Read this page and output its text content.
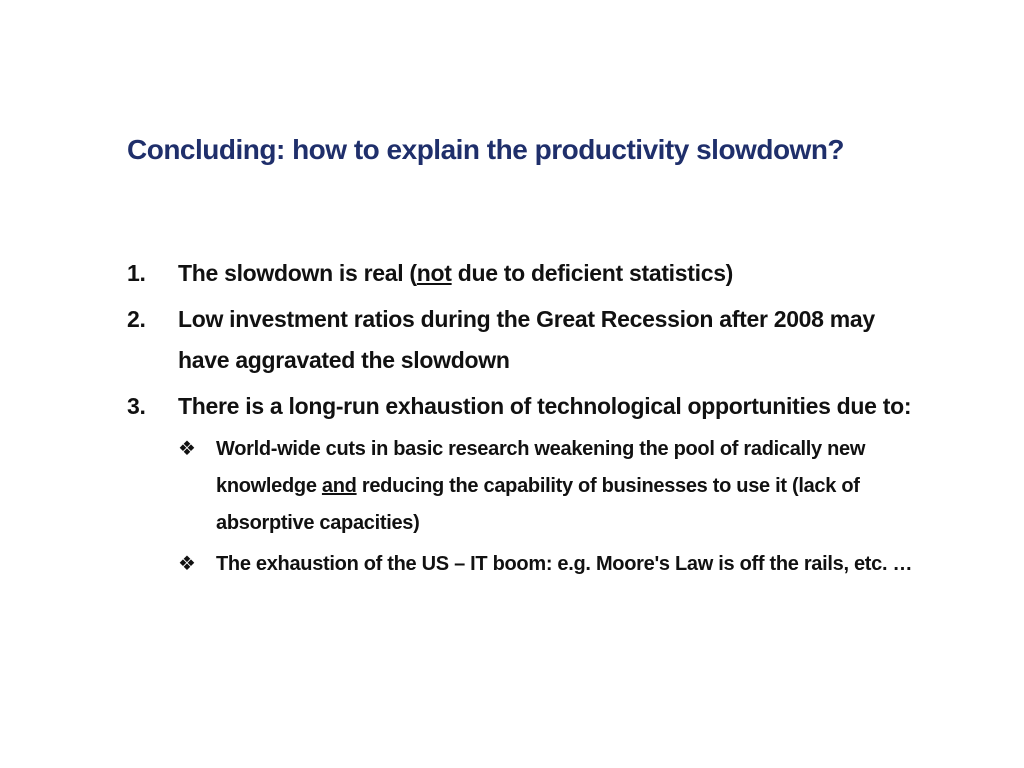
Concluding: how to explain the productivity slowdown?
1. The slowdown is real (not due to deficient statistics)
2. Low investment ratios during the Great Recession after 2008 may have aggravated the slowdown
3. There is a long-run exhaustion of technological opportunities due to:
❖ World-wide cuts in basic research weakening the pool of radically new knowledge and reducing the capability of businesses to use it (lack of absorptive capacities)
❖ The exhaustion of the US – IT boom: e.g. Moore's Law is off the rails, etc. …
